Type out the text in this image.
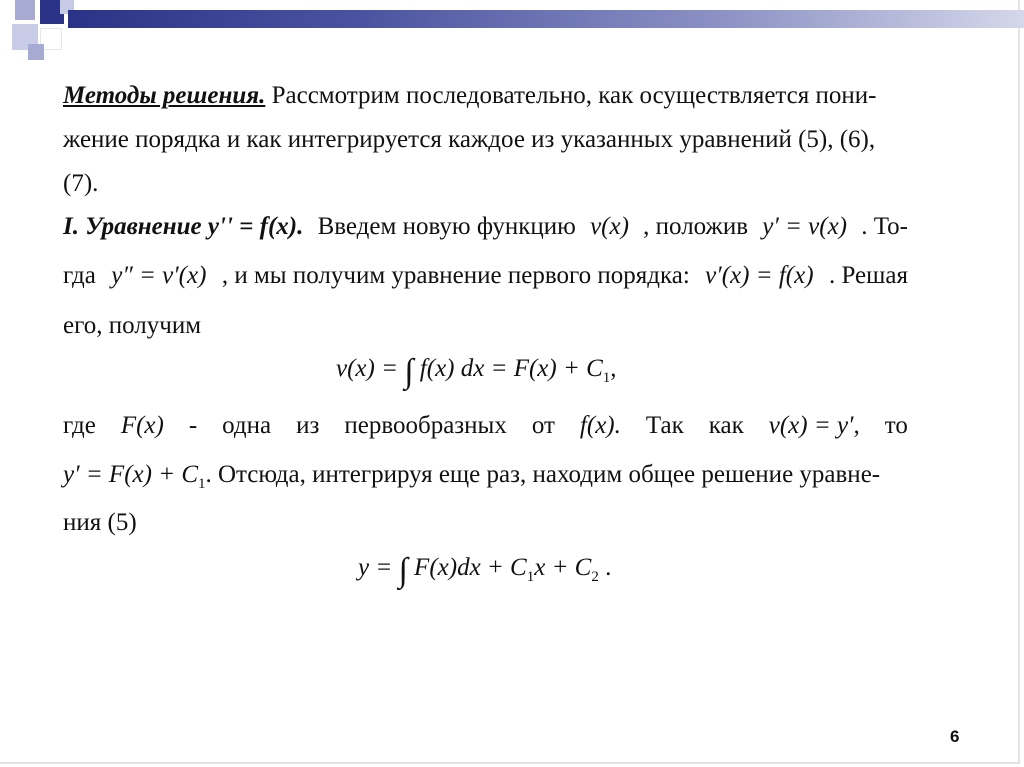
Методы решения. Рассмотрим последовательно, как осуществляется пони-
жение порядка и как интегрируется каждое из указанных уравнений (5), (6),
(7).
I. Уравнение y'' = f(x). Введем новую функцию v(x) , положив y′ = v(x) . То-
гда y″ = v′(x) , и мы получим уравнение первого порядка: v′(x) = f(x) . Решая
его, получим
v(x) = ∫ f(x) dx = $F(x) + C_1$,
где F(x) - одна из первообразных от f(x). Так как v(x) = y′, то
$y' = F(x) + C_1$. Отсюда, интегрируя еще раз, находим общее решение уравне-
ния (5)
y = ∫ $F(x)dx + C_1x + C_2$ .
6
